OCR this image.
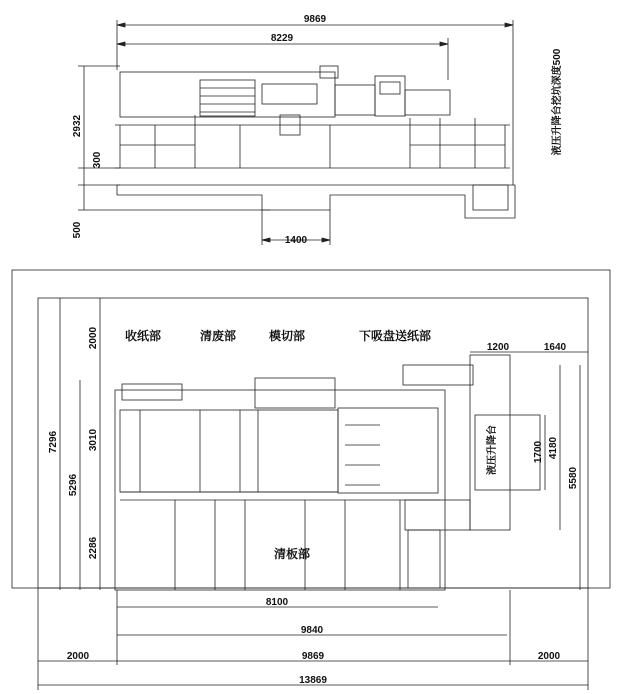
9869
8229
2932
300
500
1400
液压升降台挖坑深度500
收纸部	清废部	模切部	下吸盘送纸部
清板部
液压升降台
2000
3010
2286
7296
5296
8100
9840
2000	9869	2000
13869
1200	1640
1700 4180
5580
